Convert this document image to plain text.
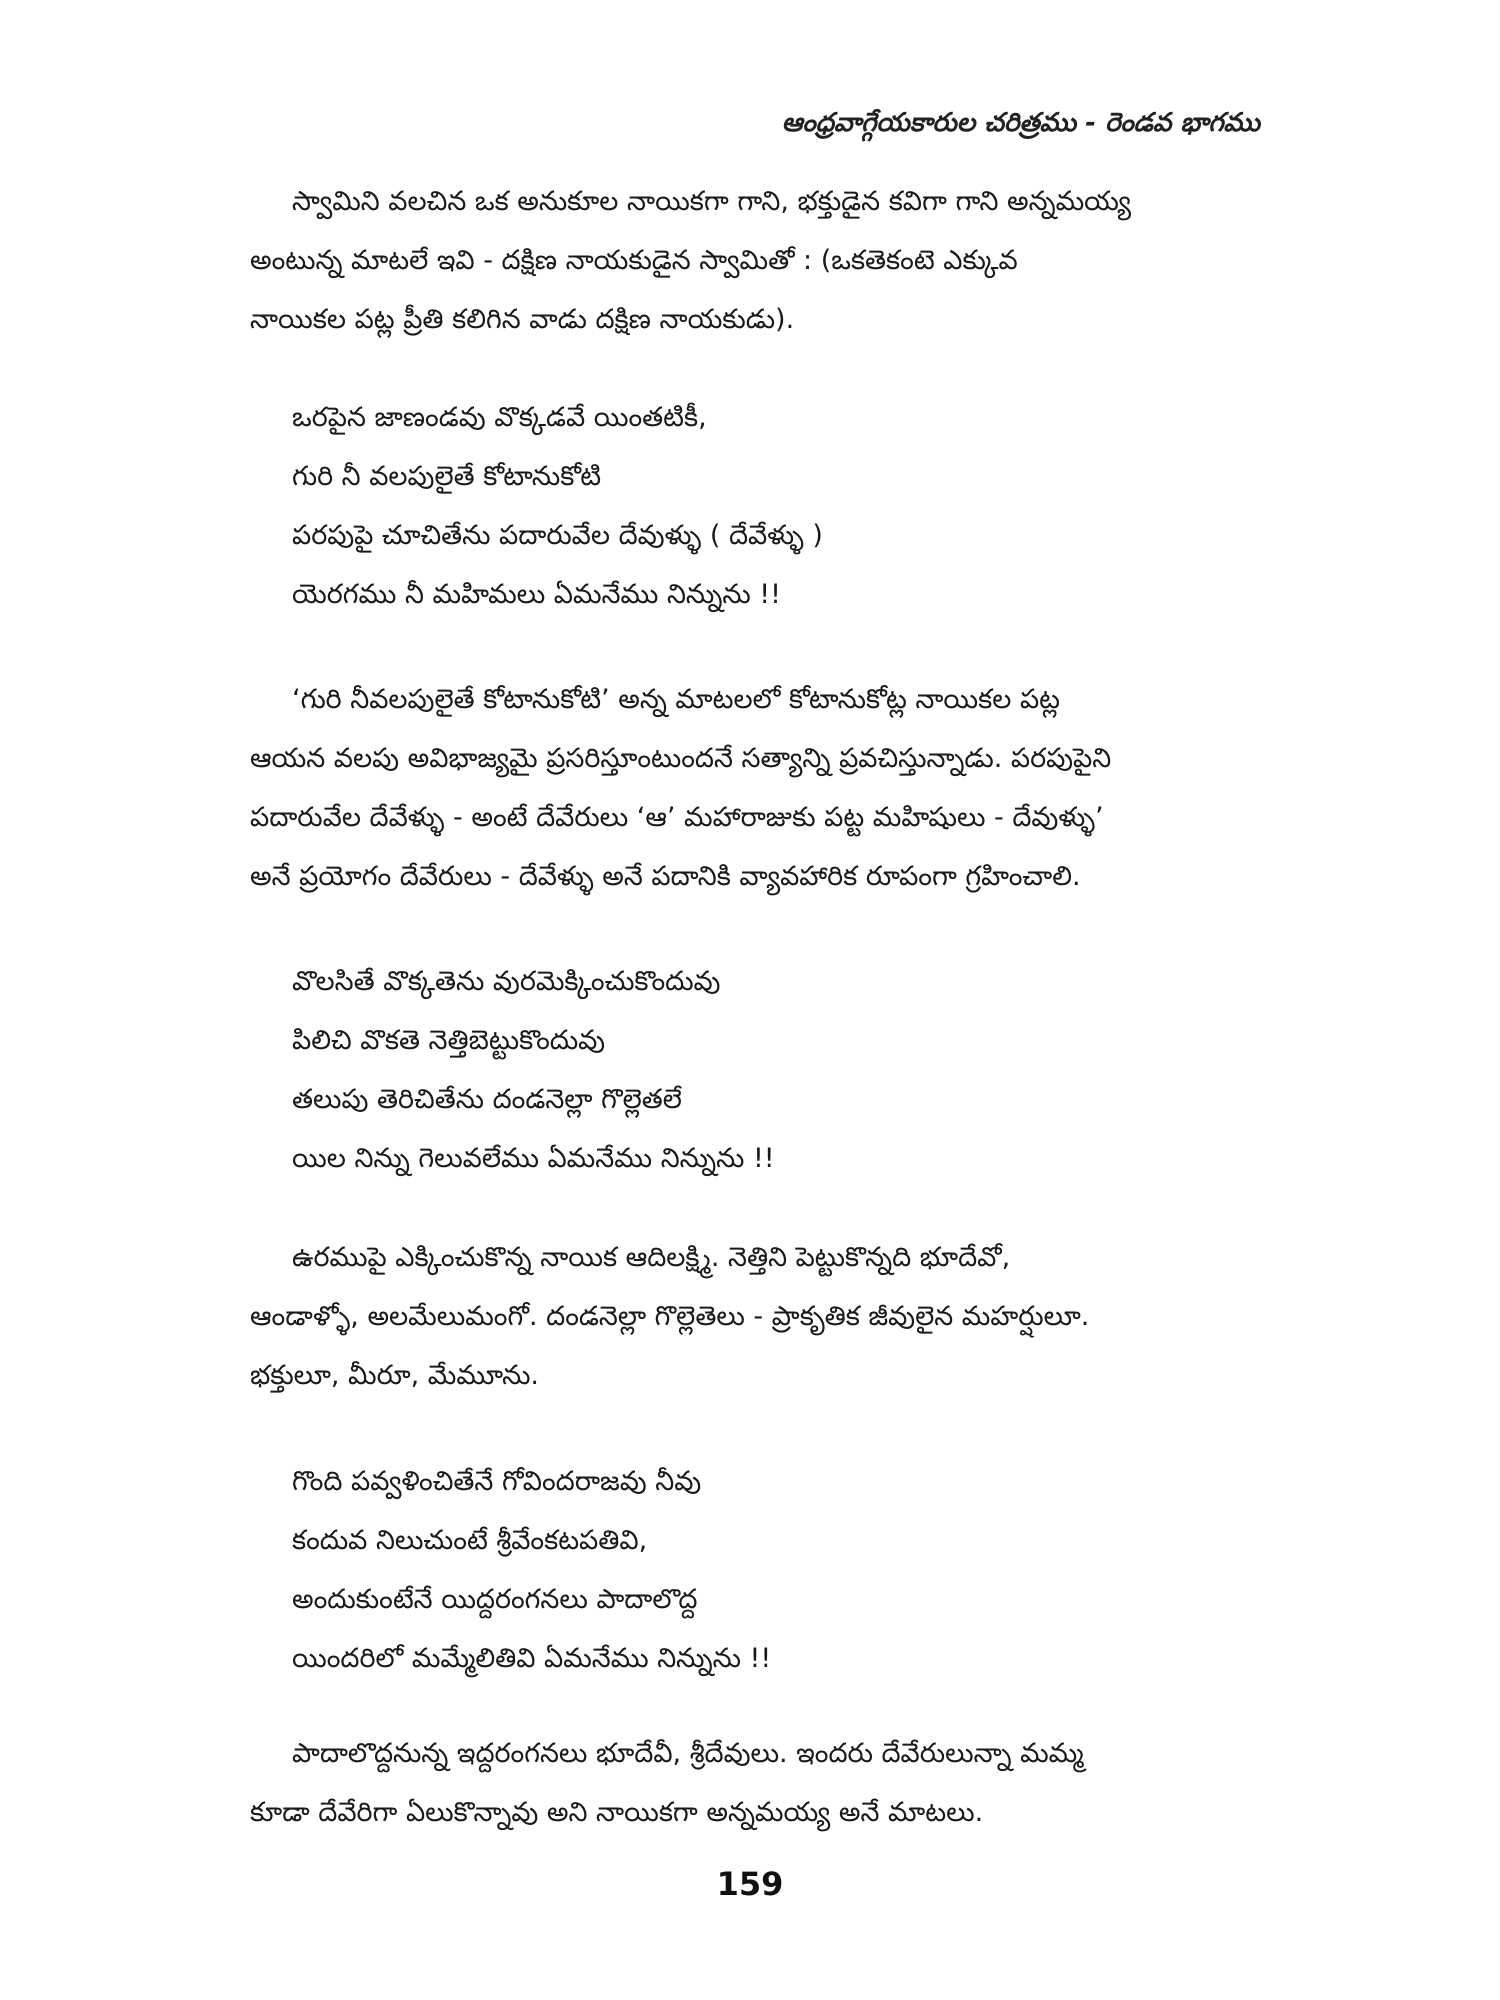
ఆంధ్రవాగ్గేయకారుల చరిత్రము - రెండవ భాగము

స్వామిని వలచిన ఒక అనుకూల నాయికగా గాని, భక్తుడైన కవిగా గాని అన్నమయ్య

అంటున్న మాటలే ఇవి - దక్షిణ నాయకుడైన స్వామితో : (ఒకతెకంటె ఎక్కువ

నాయికల పట్ల ప్రీతి కలిగిన వాడు దక్షిణ నాయకుడు).

ఒరపైన జాణండవు వొక్కడవే యింతటికీ,

గురి నీ వలపులైతే కోటానుకోటి

పరపుపై చూచితేను పదారువేల దేవుళ్ళు ( దేవేళ్ళు )

యెరగము నీ మహిమలు ఏమనేము నిన్నును !!

‘గురి నీవలపులైతే కోటానుకోటి’ అన్న మాటలలో కోటానుకోట్ల నాయికల పట్ల

ఆయన వలపు అవిభాజ్యమై ప్రసరిస్తూంటుందనే సత్యాన్ని ప్రవచిస్తున్నాడు. పరపుపైని

పదారువేల దేవేళ్ళు - అంటే దేవేరులు ‘ఆ’ మహారాజుకు పట్ట మహిషులు - దేవుళ్ళు’

అనే ప్రయోగం దేవేరులు - దేవేళ్ళు అనే పదానికి వ్యావహారిక రూపంగా గ్రహించాలి.

వొలసితే వొక్కతెను వురమెక్కించుకొందువు

పిలిచి వొకతె నెత్తిబెట్టుకొందువు

తలుపు తెరిచితేను దండనెల్లా గొల్లెతలే

యిల నిన్ను గెలువలేము ఏమనేము నిన్నును !!

ఉరముపై ఎక్కించుకొన్న నాయిక ఆదిలక్ష్మి. నెత్తిని పెట్టుకొన్నది భూదేవో,

ఆండాళ్ళో, అలమేలుమంగో. దండనెల్లా గొల్లెతెలు - ప్రాకృతిక జీవులైన మహర్షులూ.

భక్తులూ, మీరూ, మేమూను.

గొంది పవ్వళించితేనే గోవిందరాజవు నీవు

కందువ నిలుచుంటే శ్రీవేంకటపతివి,

అందుకుంటేనే యిద్దరంగనలు పాదాలొద్ద

యిందరిలో మమ్మేలితివి ఏమనేము నిన్నును !!

పాదాలొద్దనున్న ఇద్దరంగనలు భూదేవీ, శ్రీదేవులు. ఇందరు దేవేరులున్నా మమ్మ

కూడా దేవేరిగా ఏలుకొన్నావు అని నాయికగా అన్నమయ్య అనే మాటలు.

159
